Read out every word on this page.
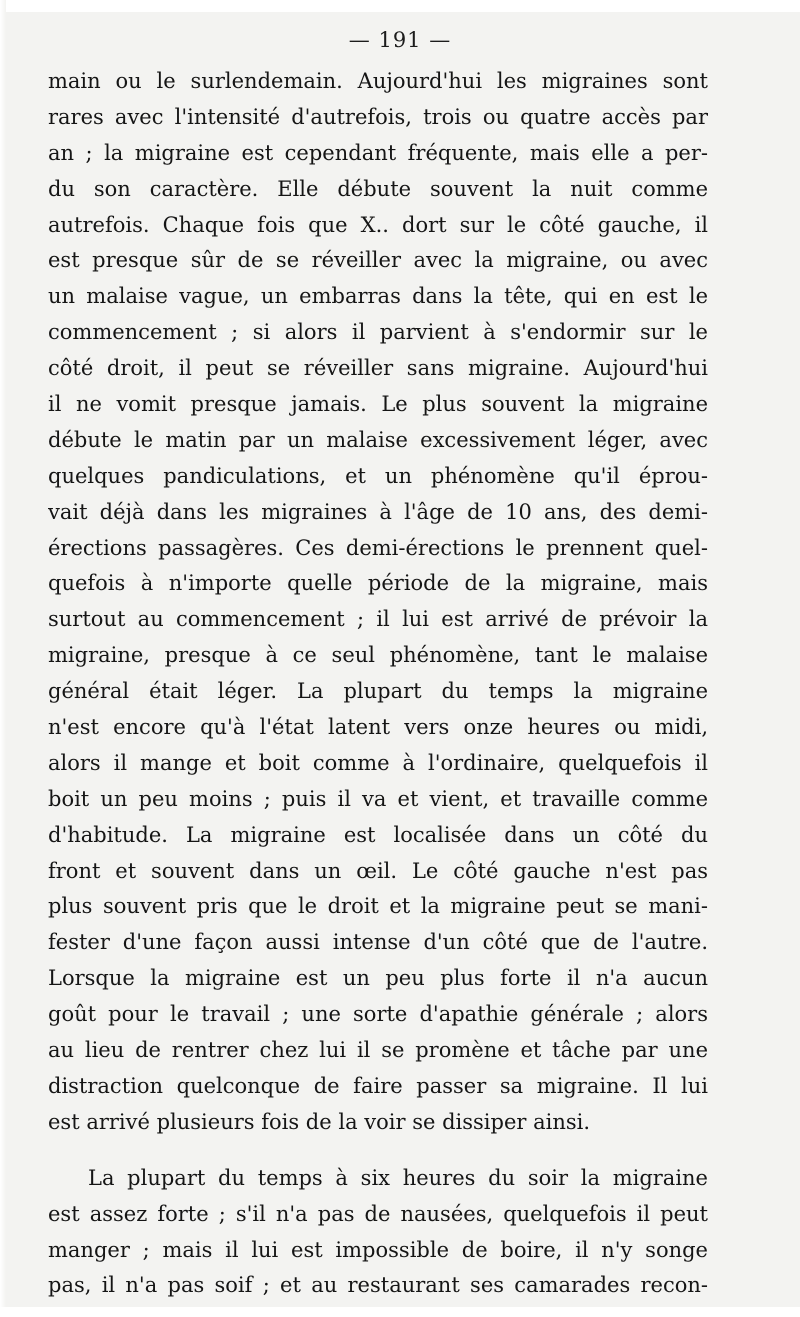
— 191 —
main ou le surlendemain. Aujourd'hui les migraines sont
rares avec l'intensité d'autrefois, trois ou quatre accès par
an ; la migraine est cependant fréquente, mais elle a per-
du son caractère. Elle débute souvent la nuit comme
autrefois. Chaque fois que X.. dort sur le côté gauche, il
est presque sûr de se réveiller avec la migraine, ou avec
un malaise vague, un embarras dans la tête, qui en est le
commencement ; si alors il parvient à s'endormir sur le
côté droit, il peut se réveiller sans migraine. Aujourd'hui
il ne vomit presque jamais. Le plus souvent la migraine
débute le matin par un malaise excessivement léger, avec
quelques pandiculations, et un phénomène qu'il éprou-
vait déjà dans les migraines à l'âge de 10 ans, des demi-
érections passagères. Ces demi-érections le prennent quel-
quefois à n'importe quelle période de la migraine, mais
surtout au commencement ; il lui est arrivé de prévoir la
migraine, presque à ce seul phénomène, tant le malaise
général était léger. La plupart du temps la migraine
n'est encore qu'à l'état latent vers onze heures ou midi,
alors il mange et boit comme à l'ordinaire, quelquefois il
boit un peu moins ; puis il va et vient, et travaille comme
d'habitude. La migraine est localisée dans un côté du
front et souvent dans un œil. Le côté gauche n'est pas
plus souvent pris que le droit et la migraine peut se mani-
fester d'une façon aussi intense d'un côté que de l'autre.
Lorsque la migraine est un peu plus forte il n'a aucun
goût pour le travail ; une sorte d'apathie générale ; alors
au lieu de rentrer chez lui il se promène et tâche par une
distraction quelconque de faire passer sa migraine. Il lui
est arrivé plusieurs fois de la voir se dissiper ainsi.
La plupart du temps à six heures du soir la migraine
est assez forte ; s'il n'a pas de nausées, quelquefois il peut
manger ; mais il lui est impossible de boire, il n'y songe
pas, il n'a pas soif ; et au restaurant ses camarades recon-
